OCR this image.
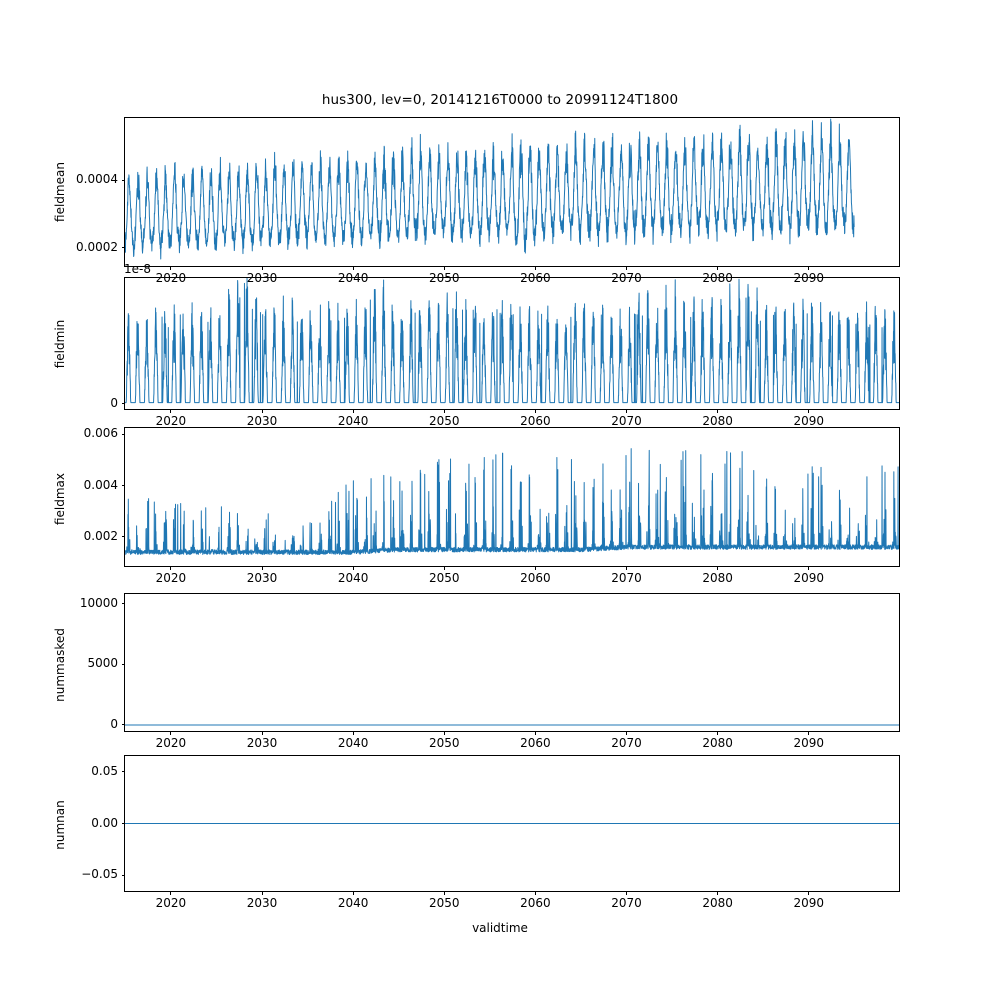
hus300, lev=0, 20141216T0000 to 20991124T1800
fieldmean
fieldmin
1e-8
fieldmax
nummasked
numnan
validtime
0.0002
0.0004
2020	2030	2040	2050	2060	2070	2080	2090
0
2020	2030	2040	2050	2060	2070	2080	2090
0.002
0.004
0.006
2020	2030	2040	2050	2060	2070	2080	2090
0
5000
10000
2020	2030	2040	2050	2060	2070	2080	2090
−0.05
0.00
0.05
2020	2030	2040	2050	2060	2070	2080	2090
